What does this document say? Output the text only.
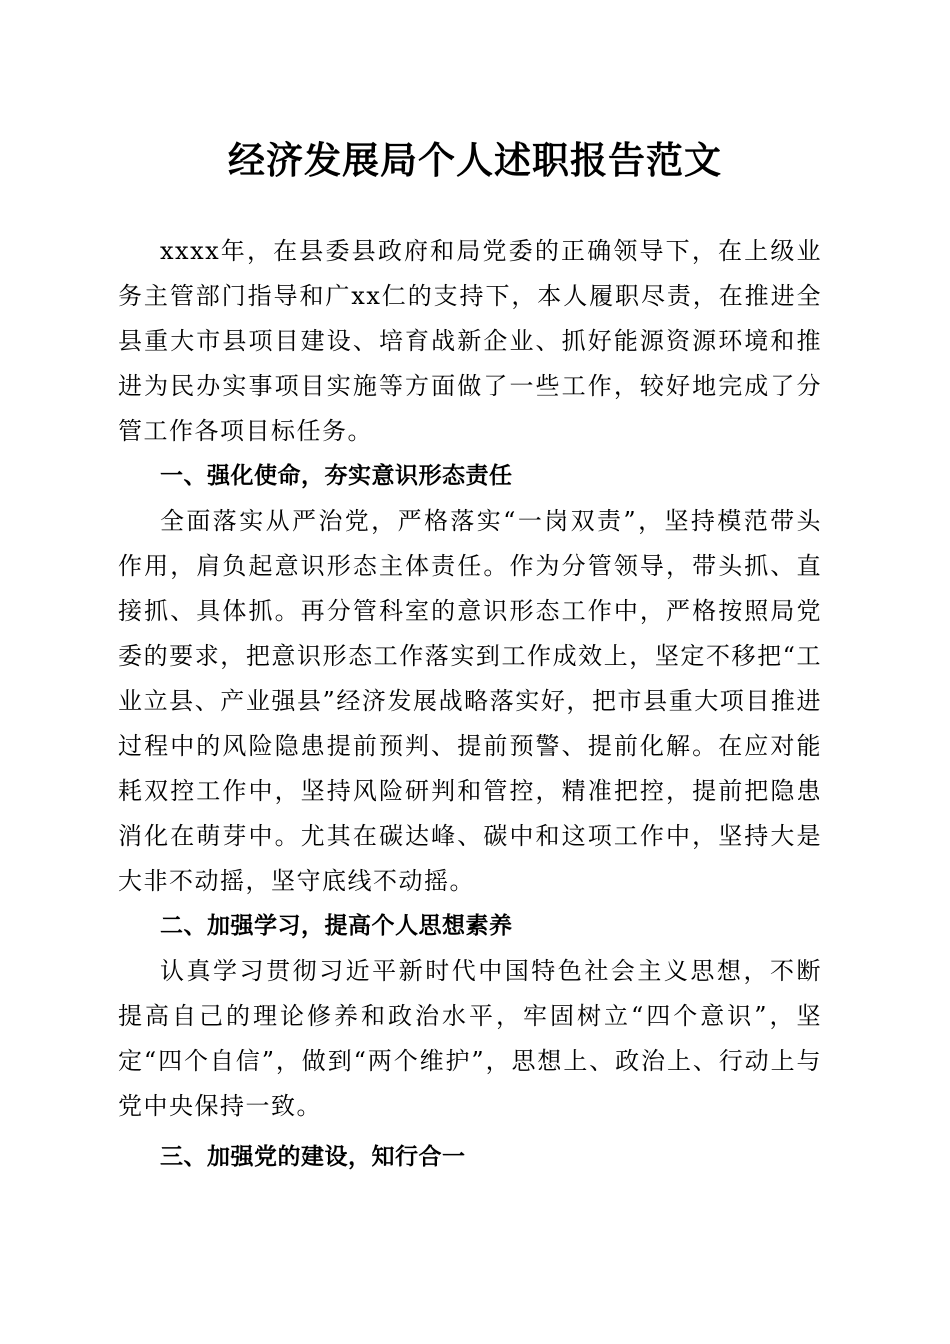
经济发展局个人述职报告范文

xxxx年，在县委县政府和局党委的正确领导下，在上级业务主管部门指导和广xx仁的支持下，本人履职尽责，在推进全县重大市县项目建设、培育战新企业、抓好能源资源环境和推进为民办实事项目实施等方面做了一些工作，较好地完成了分管工作各项目标任务。

一、强化使命，夯实意识形态责任

全面落实从严治党，严格落实“一岗双责”，坚持模范带头作用，肩负起意识形态主体责任。作为分管领导，带头抓、直接抓、具体抓。再分管科室的意识形态工作中，严格按照局党委的要求，把意识形态工作落实到工作成效上，坚定不移把“工业立县、产业强县”经济发展战略落实好，把市县重大项目推进过程中的风险隐患提前预判、提前预警、提前化解。在应对能耗双控工作中，坚持风险研判和管控，精准把控，提前把隐患消化在萌芽中。尤其在碳达峰、碳中和这项工作中，坚持大是大非不动摇，坚守底线不动摇。

二、加强学习，提高个人思想素养

认真学习贯彻习近平新时代中国特色社会主义思想，不断提高自己的理论修养和政治水平，牢固树立“四个意识”，坚定“四个自信”，做到“两个维护”，思想上、政治上、行动上与党中央保持一致。

三、加强党的建设，知行合一
